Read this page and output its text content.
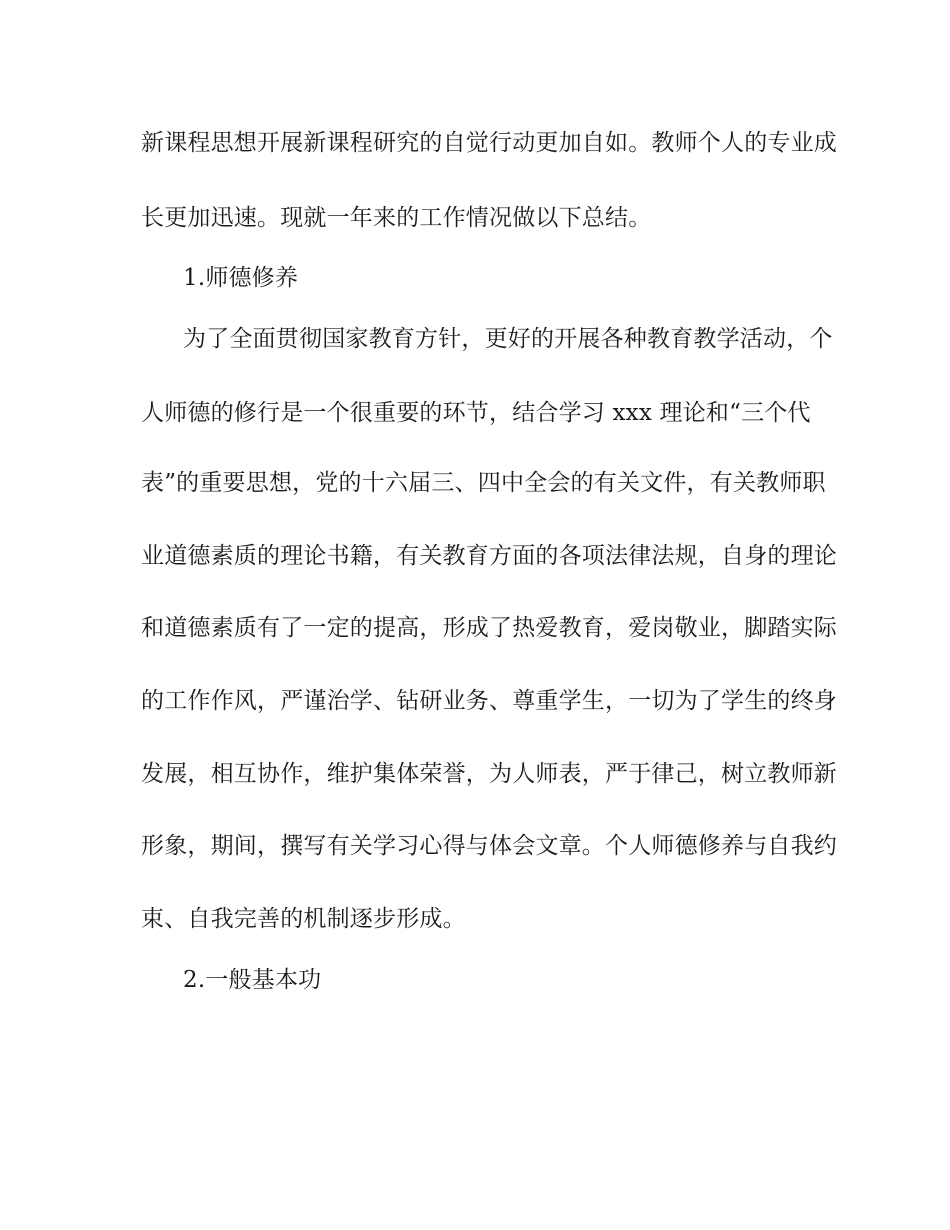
新课程思想开展新课程研究的自觉行动更加自如。教师个人的专业成
长更加迅速。现就一年来的工作情况做以下总结。
1.师德修养
为了全面贯彻国家教育方针，更好的开展各种教育教学活动，个
人师德的修行是一个很重要的环节，结合学习 xxx 理论和“三个代
表”的重要思想，党的十六届三、四中全会的有关文件，有关教师职
业道德素质的理论书籍，有关教育方面的各项法律法规，自身的理论
和道德素质有了一定的提高，形成了热爱教育，爱岗敬业，脚踏实际
的工作作风，严谨治学、钻研业务、尊重学生，一切为了学生的终身
发展，相互协作，维护集体荣誉，为人师表，严于律己，树立教师新
形象，期间，撰写有关学习心得与体会文章。个人师德修养与自我约
束、自我完善的机制逐步形成。
2.一般基本功
